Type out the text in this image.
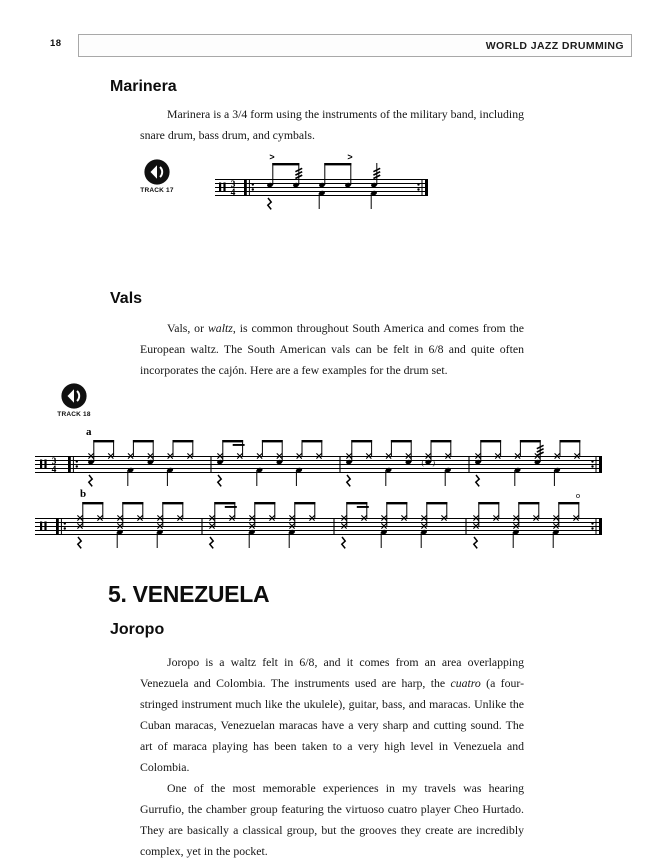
18	WORLD JAZZ DRUMMING
Marinera

Marinera is a 3/4 form using the instruments of the military band, including snare drum, bass drum, and cymbals.

TRACK 17
3
4
>	>
Vals

Vals, or waltz, is common throughout South America and comes from the European waltz. The South American vals can be felt in 6/8 and quite often incorporates the cajón. Here are a few examples for the drum set.

TRACK 18
a
3
4
( )
b	o
5. VENEZUELA
Joropo

Joropo is a waltz felt in 6/8, and it comes from an area overlapping Venezuela and Colombia. The instruments used are harp, the cuatro (a four-stringed instrument much like the ukulele), guitar, bass, and maracas. Unlike the Cuban maracas, Venezuelan maracas have a very sharp and cutting sound. The art of maraca playing has been taken to a very high level in Venezuela and Colombia.

One of the most memorable experiences in my travels was hearing Gurrufio, the chamber group featuring the virtuoso cuatro player Cheo Hurtado. They are basically a classical group, but the grooves they create are incredibly complex, yet in the pocket.
